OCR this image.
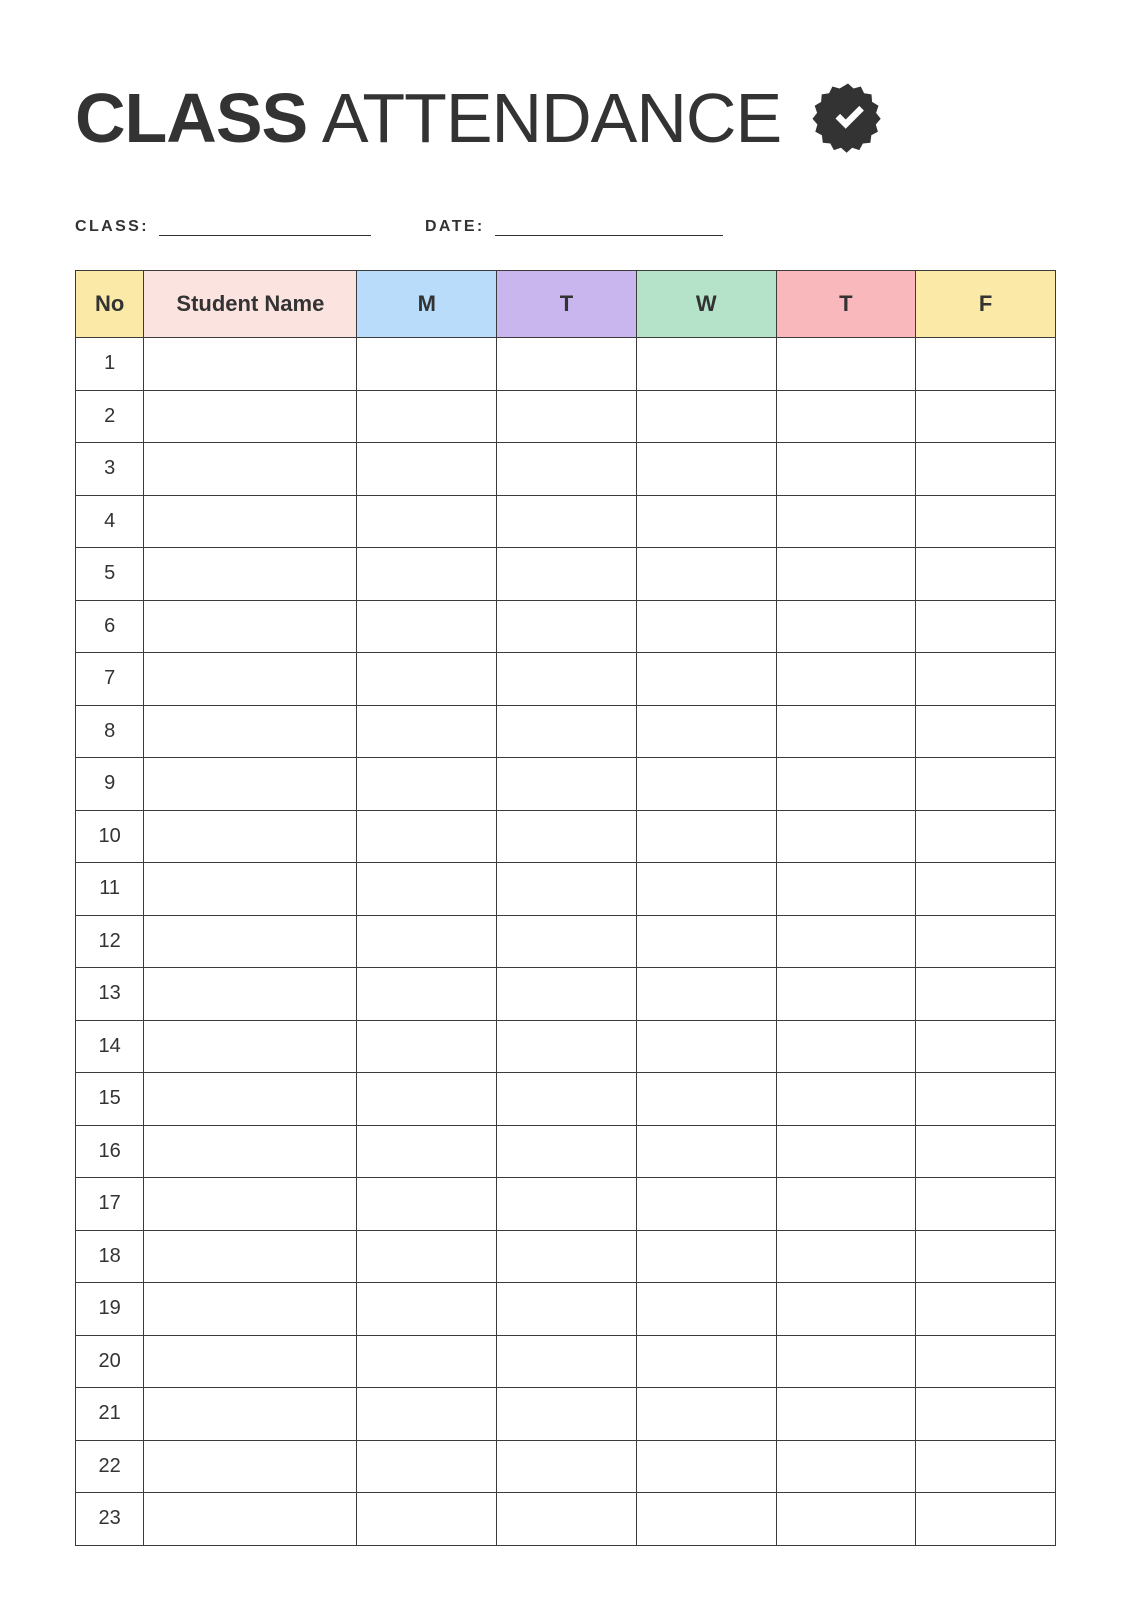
CLASS ATTENDANCE
CLASS:	DATE:
No	Student Name	M	T	W	T	F
1						
2						
3						
4						
5						
6						
7						
8						
9						
10						
11						
12						
13						
14						
15						
16						
17						
18						
19						
20						
21						
22						
23						
